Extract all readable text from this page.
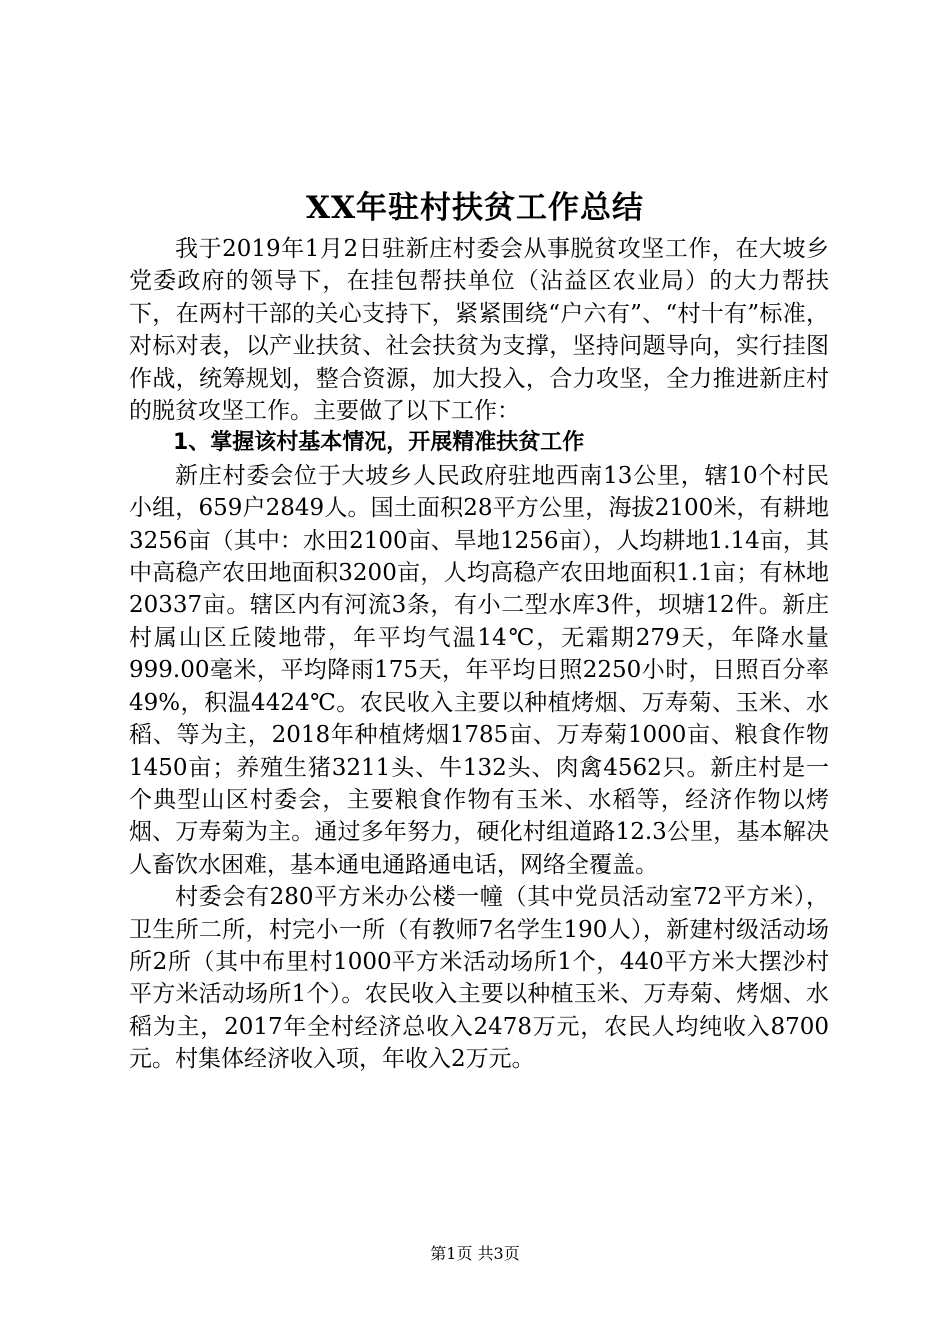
XX年驻村扶贫工作总结

我于2019年1月2日驻新庄村委会从事脱贫攻坚工作，在大坡乡党委政府的领导下，在挂包帮扶单位（沾益区农业局）的大力帮扶下，在两村干部的关心支持下，紧紧围绕“户六有”、“村十有”标准，对标对表，以产业扶贫、社会扶贫为支撑，坚持问题导向，实行挂图作战，统筹规划，整合资源，加大投入，合力攻坚，全力推进新庄村的脱贫攻坚工作。主要做了以下工作：

1、掌握该村基本情况，开展精准扶贫工作

新庄村委会位于大坡乡人民政府驻地西南13公里，辖10个村民小组，659户2849人。国土面积28平方公里，海拔2100米，有耕地3256亩（其中：水田2100亩、旱地1256亩），人均耕地1.14亩，其中高稳产农田地面积3200亩，人均高稳产农田地面积1.1亩；有林地20337亩。辖区内有河流3条，有小二型水库3件，坝塘12件。新庄村属山区丘陵地带，年平均气温14℃，无霜期279天，年降水量999.00毫米，平均降雨175天，年平均日照2250小时，日照百分率49%，积温4424℃。农民收入主要以种植烤烟、万寿菊、玉米、水稻、等为主，2018年种植烤烟1785亩、万寿菊1000亩、粮食作物1450亩；养殖生猪3211头、牛132头、肉禽4562只。新庄村是一个典型山区村委会，主要粮食作物有玉米、水稻等，经济作物以烤烟、万寿菊为主。通过多年努力，硬化村组道路12.3公里，基本解决人畜饮水困难，基本通电通路通电话，网络全覆盖。

村委会有280平方米办公楼一幢（其中党员活动室72平方米），卫生所二所，村完小一所（有教师7名学生190人），新建村级活动场所2所（其中布里村1000平方米活动场所1个，440平方米大摆沙村平方米活动场所1个）。农民收入主要以种植玉米、万寿菊、烤烟、水稻为主，2017年全村经济总收入2478万元，农民人均纯收入8700元。村集体经济收入项，年收入2万元。

第1页 共3页
